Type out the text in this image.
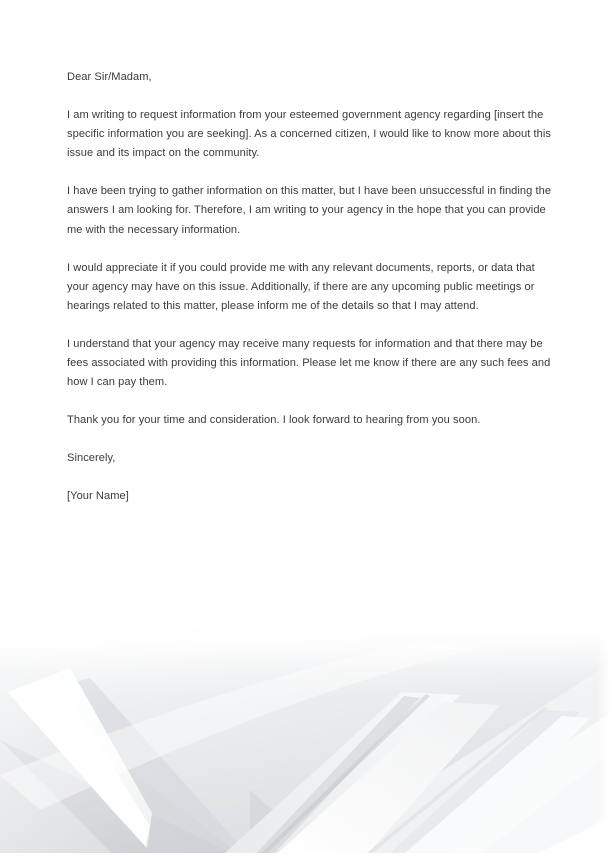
Dear Sir/Madam,

I am writing to request information from your esteemed government agency regarding [insert the specific information you are seeking]. As a concerned citizen, I would like to know more about this issue and its impact on the community.

I have been trying to gather information on this matter, but I have been unsuccessful in finding the answers I am looking for. Therefore, I am writing to your agency in the hope that you can provide me with the necessary information.

I would appreciate it if you could provide me with any relevant documents, reports, or data that your agency may have on this issue. Additionally, if there are any upcoming public meetings or hearings related to this matter, please inform me of the details so that I may attend.

I understand that your agency may receive many requests for information and that there may be fees associated with providing this information. Please let me know if there are any such fees and how I can pay them.

Thank you for your time and consideration. I look forward to hearing from you soon.

Sincerely,

[Your Name]
